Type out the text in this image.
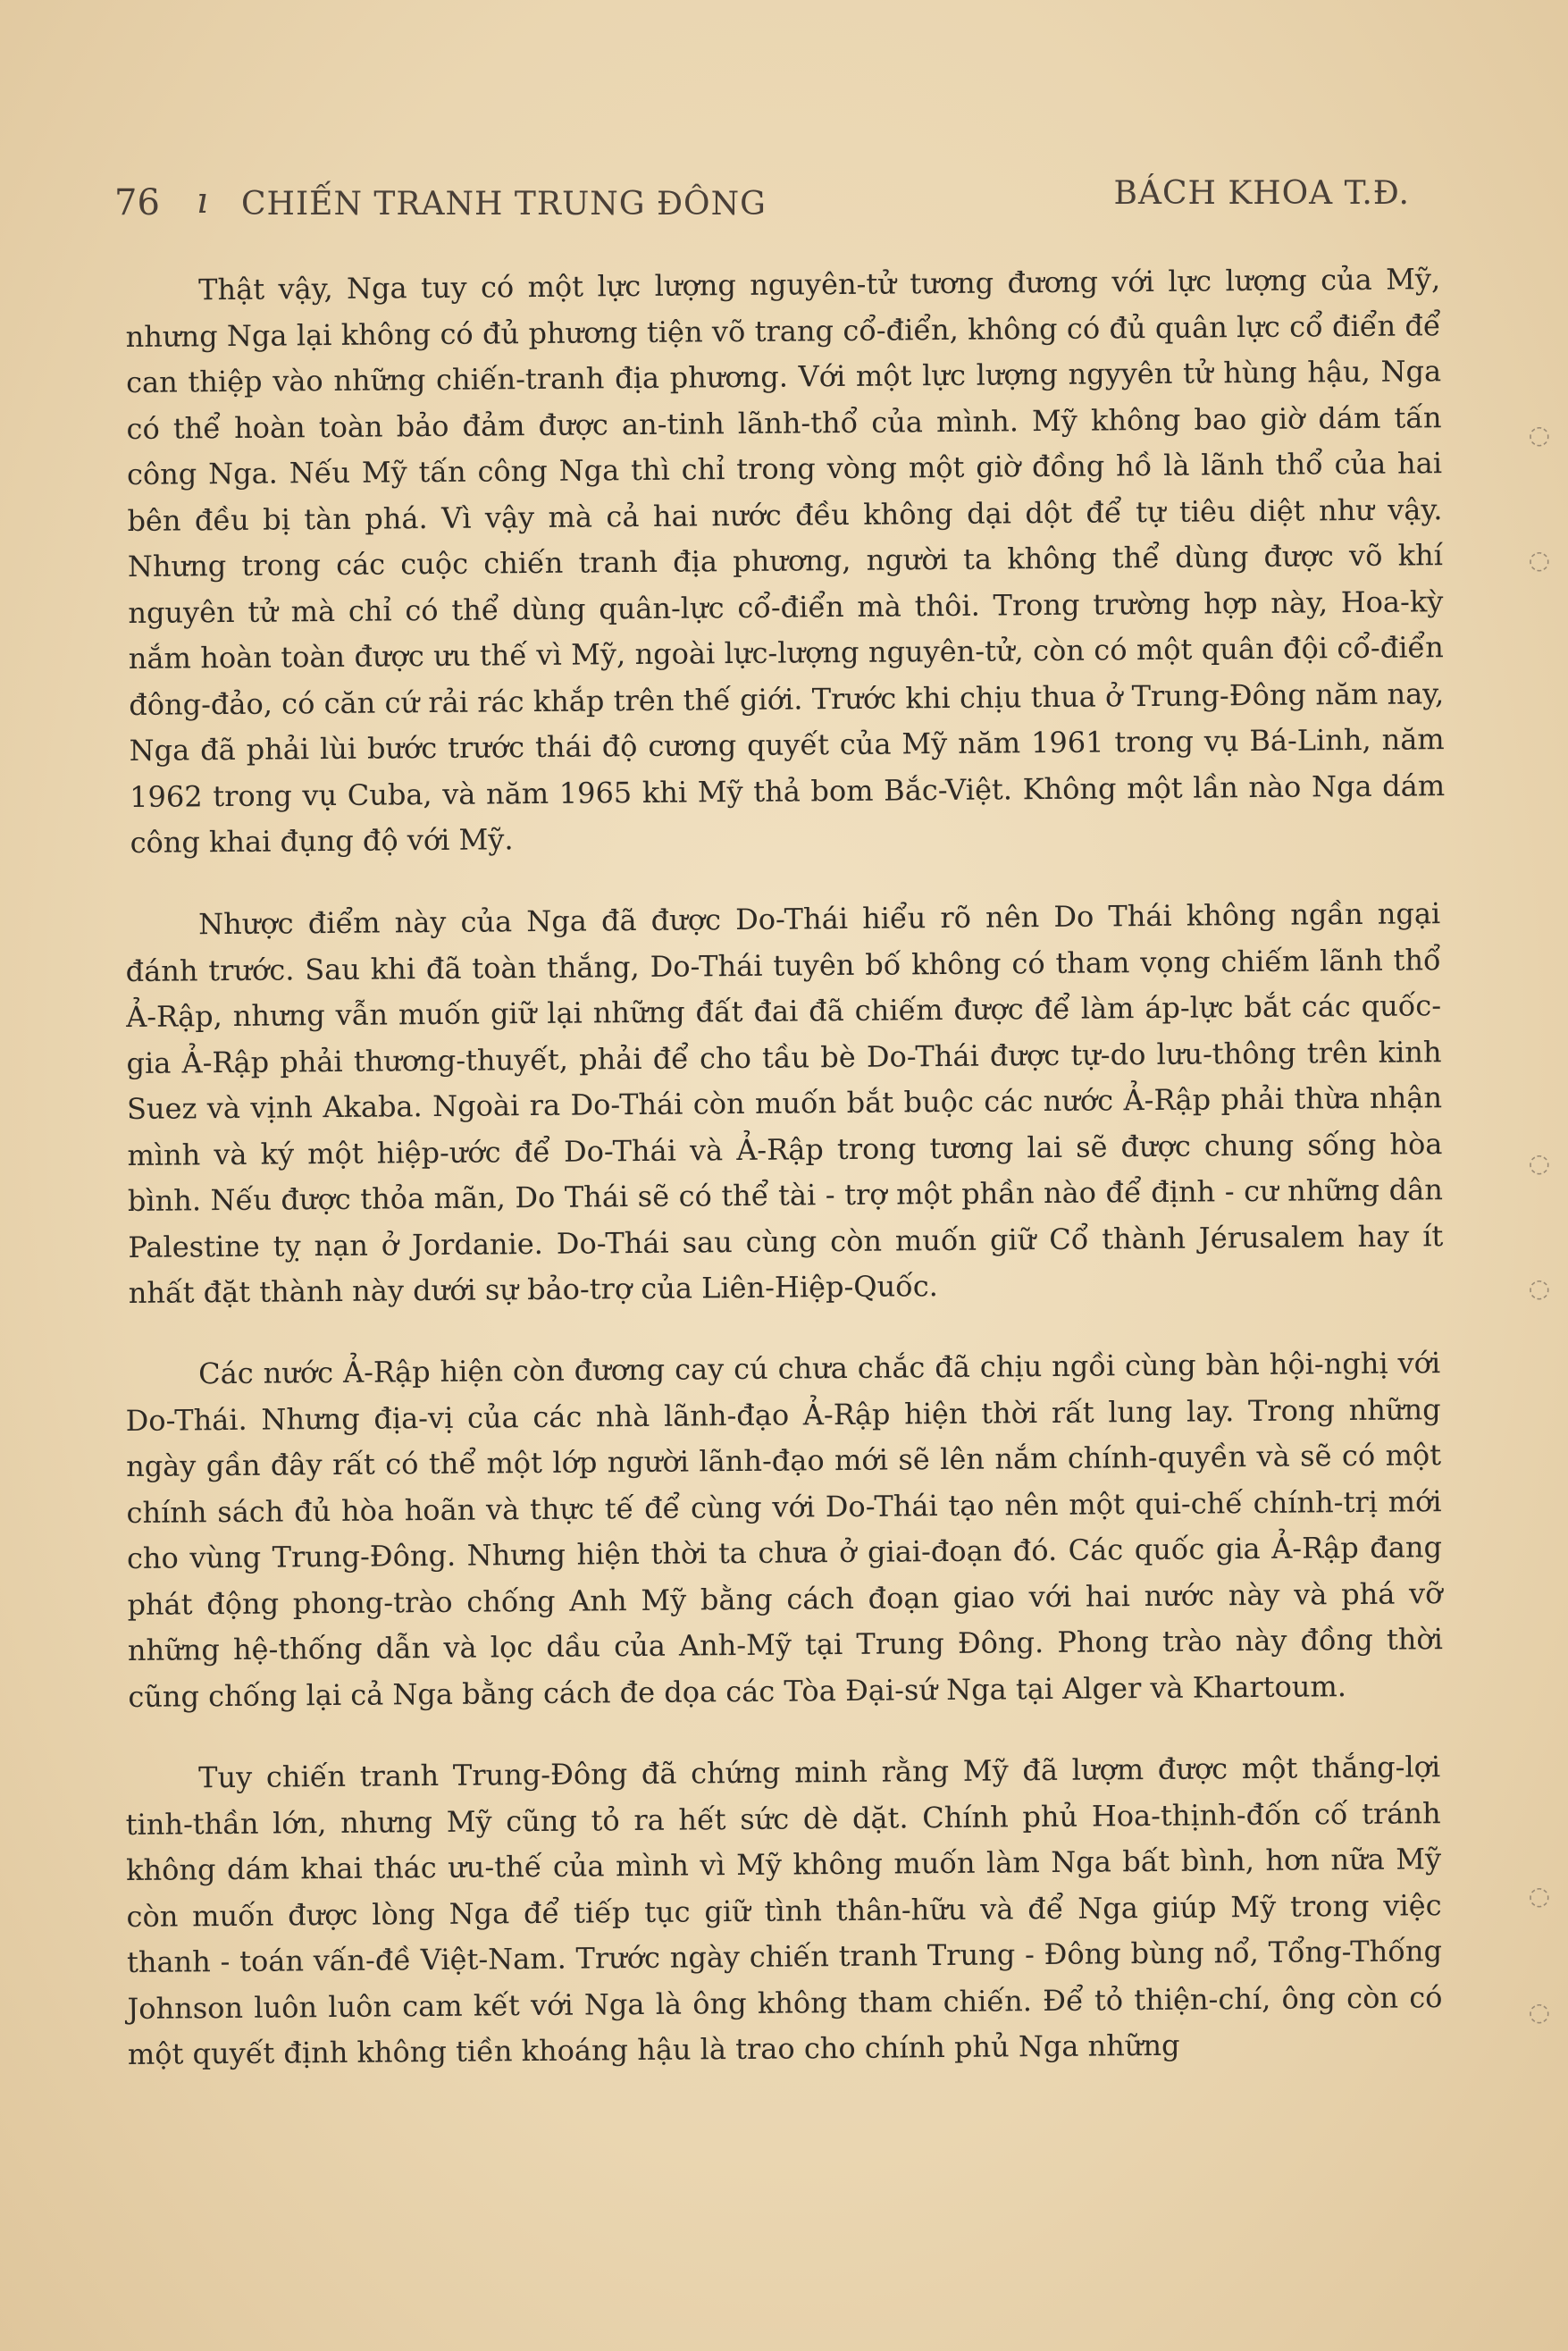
76 ı CHIẾN TRANH TRUNG ĐÔNG	BÁCH KHOA T.Đ.

Thật vậy, Nga tuy có một lực lượng nguyên-tử tương đương với lực lượng của Mỹ, nhưng Nga lại không có đủ phương tiện võ trang cổ-điển, không có đủ quân lực cổ điển để can thiệp vào những chiến-tranh địa phương. Với một lực lượng ngyyên tử hùng hậu, Nga có thể hoàn toàn bảo đảm được an-tinh lãnh-thổ của mình. Mỹ không bao giờ dám tấn công Nga. Nếu Mỹ tấn công Nga thì chỉ trong vòng một giờ đồng hồ là lãnh thổ của hai bên đều bị tàn phá. Vì vậy mà cả hai nước đều không dại dột để tự tiêu diệt như vậy. Nhưng trong các cuộc chiến tranh địa phương, người ta không thể dùng được võ khí nguyên tử mà chỉ có thể dùng quân-lực cổ-điển mà thôi. Trong trường hợp này, Hoa-kỳ nắm hoàn toàn được ưu thế vì Mỹ, ngoài lực-lượng nguyên-tử, còn có một quân đội cổ-điển đông-đảo, có căn cứ rải rác khắp trên thế giới. Trước khi chịu thua ở Trung-Đông năm nay, Nga đã phải lùi bước trước thái độ cương quyết của Mỹ năm 1961 trong vụ Bá-Linh, năm 1962 trong vụ Cuba, và năm 1965 khi Mỹ thả bom Bắc-Việt. Không một lần nào Nga dám công khai đụng độ với Mỹ.

Nhược điểm này của Nga đã được Do-Thái hiểu rõ nên Do Thái không ngần ngại đánh trước. Sau khi đã toàn thắng, Do-Thái tuyên bố không có tham vọng chiếm lãnh thổ Ả-Rập, nhưng vẫn muốn giữ lại những đất đai đã chiếm được để làm áp-lực bắt các quốc-gia Ả-Rập phải thương-thuyết, phải để cho tầu bè Do-Thái được tự-do lưu-thông trên kinh Suez và vịnh Akaba. Ngoài ra Do-Thái còn muốn bắt buộc các nước Ả-Rập phải thừa nhận mình và ký một hiệp-ước để Do-Thái và Ả-Rập trong tương lai sẽ được chung sống hòa bình. Nếu được thỏa mãn, Do Thái sẽ có thể tài - trợ một phần nào để định - cư những dân Palestine tỵ nạn ở Jordanie. Do-Thái sau cùng còn muốn giữ Cổ thành Jérusalem hay ít nhất đặt thành này dưới sự bảo-trợ của Liên-Hiệp-Quốc.

Các nước Ả-Rập hiện còn đương cay cú chưa chắc đã chịu ngồi cùng bàn hội-nghị với Do-Thái. Nhưng địa-vị của các nhà lãnh-đạo Ả-Rập hiện thời rất lung lay. Trong những ngày gần đây rất có thể một lớp người lãnh-đạo mới sẽ lên nắm chính-quyền và sẽ có một chính sách đủ hòa hoãn và thực tế để cùng với Do-Thái tạo nên một qui-chế chính-trị mới cho vùng Trung-Đông. Nhưng hiện thời ta chưa ở giai-đoạn đó. Các quốc gia Ả-Rập đang phát động phong-trào chống Anh Mỹ bằng cách đoạn giao với hai nước này và phá vỡ những hệ-thống dẫn và lọc dầu của Anh-Mỹ tại Trung Đông. Phong trào này đồng thời cũng chống lại cả Nga bằng cách đe dọa các Tòa Đại-sứ Nga tại Alger và Khartoum.

Tuy chiến tranh Trung-Đông đã chứng minh rằng Mỹ đã lượm được một thắng-lợi tinh-thần lớn, nhưng Mỹ cũng tỏ ra hết sức dè dặt. Chính phủ Hoa-thịnh-đốn cố tránh không dám khai thác ưu-thế của mình vì Mỹ không muốn làm Nga bất bình, hơn nữa Mỹ còn muốn được lòng Nga để tiếp tục giữ tình thân-hữu và để Nga giúp Mỹ trong việc thanh - toán vấn-đề Việt-Nam. Trước ngày chiến tranh Trung - Đông bùng nổ, Tổng-Thống Johnson luôn luôn cam kết với Nga là ông không tham chiến. Để tỏ thiện-chí, ông còn có một quyết định không tiền khoáng hậu là trao cho chính phủ Nga những

◌
◌
◌
◌
◌
◌
